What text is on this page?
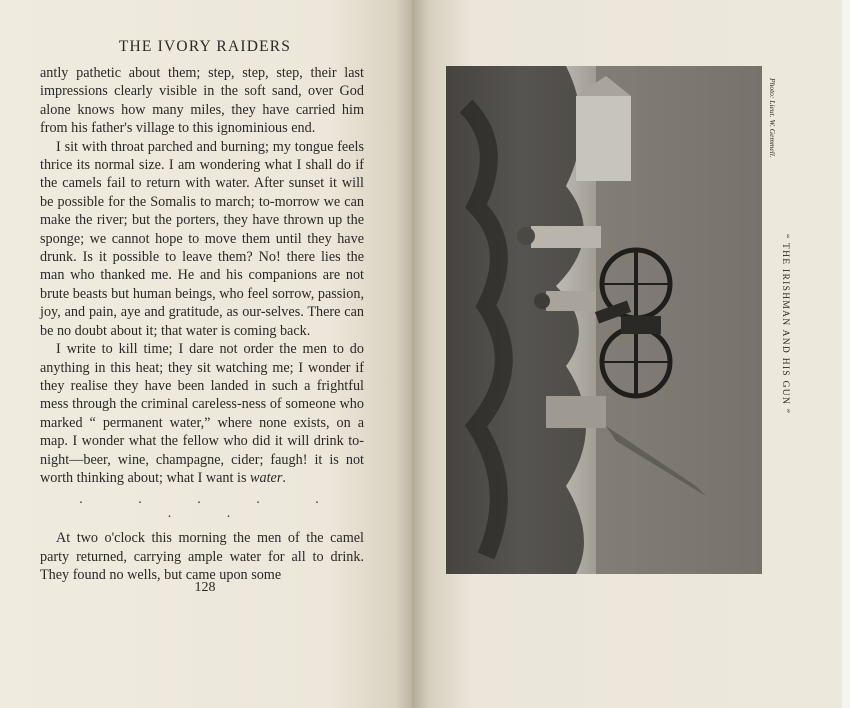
THE IVORY RAIDERS

antly pathetic about them; step, step, step, their last impressions clearly visible in the soft sand, over God alone knows how many miles, they have carried him from his father's village to this ignominious end.

I sit with throat parched and burning; my tongue feels thrice its normal size. I am wondering what I shall do if the camels fail to return with water. After sunset it will be possible for the Somalis to march; to-morrow we can make the river; but the porters, they have thrown up the sponge; we cannot hope to move them until they have drunk. Is it possible to leave them? No! there lies the man who thanked me. He and his companions are not brute beasts but human beings, who feel sorrow, passion, joy, and pain, aye and gratitude, as our-selves. There can be no doubt about it; that water is coming back.

I write to kill time; I dare not order the men to do anything in this heat; they sit watching me; I wonder if they realise they have been landed in such a frightful mess through the criminal careless-ness of someone who marked “ permanent water,” where none exists, on a map. I wonder what the fellow who did it will drink to-night—beer, wine, champagne, cider; faugh! it is not worth thinking about; what I want is water.

. . . . . . .

At two o'clock this morning the men of the camel party returned, carrying ample water for all to drink. They found no wells, but came upon some

128
Photo: Lieut. W. Gemmell.
“ THE IRISHMAN AND HIS GUN ”
